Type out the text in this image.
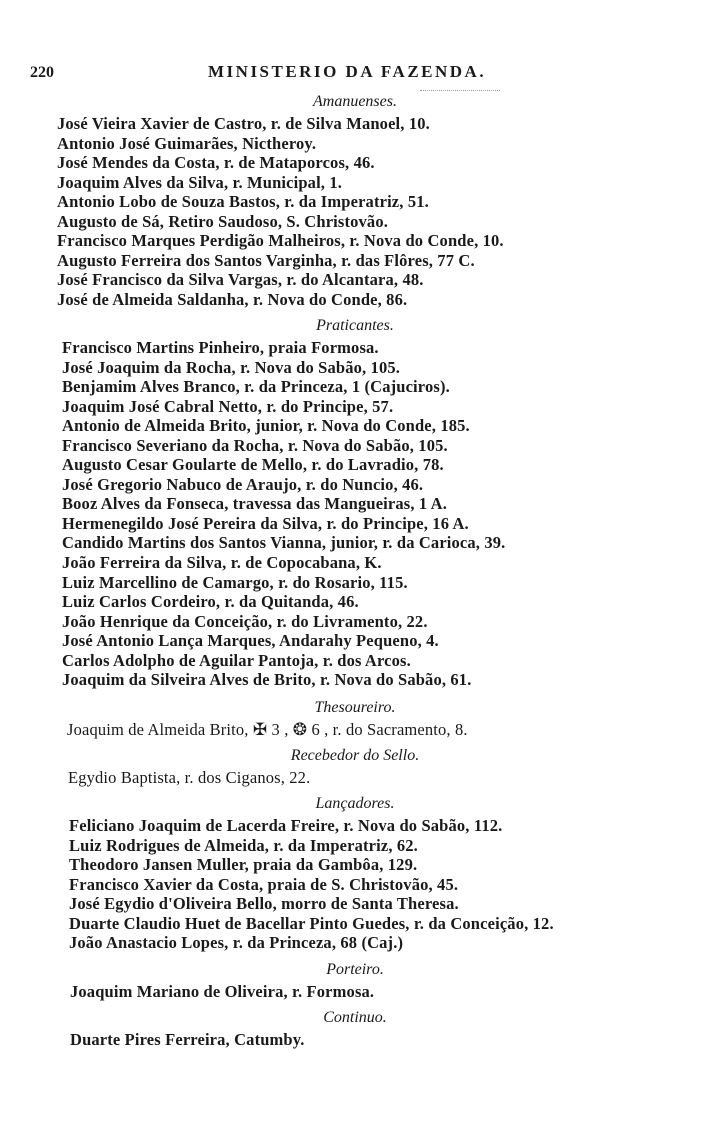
220	MINISTERIO DA FAZENDA.
Amanuenses.
José Vieira Xavier de Castro, r. de Silva Manoel, 10.
Antonio José Guimarães, Nictheroy.
José Mendes da Costa, r. de Mataporcos, 46.
Joaquim Alves da Silva, r. Municipal, 1.
Antonio Lobo de Souza Bastos, r. da Imperatriz, 51.
Augusto de Sá, Retiro Saudoso, S. Christovão.
Francisco Marques Perdigão Malheiros, r. Nova do Conde, 10.
Augusto Ferreira dos Santos Varginha, r. das Flôres, 77 C.
José Francisco da Silva Vargas, r. do Alcantara, 48.
José de Almeida Saldanha, r. Nova do Conde, 86.
Praticantes.
Francisco Martins Pinheiro, praia Formosa.
José Joaquim da Rocha, r. Nova do Sabão, 105.
Benjamim Alves Branco, r. da Princeza, 1 (Cajuciros).
Joaquim José Cabral Netto, r. do Principe, 57.
Antonio de Almeida Brito, junior, r. Nova do Conde, 185.
Francisco Severiano da Rocha, r. Nova do Sabão, 105.
Augusto Cesar Goularte de Mello, r. do Lavradio, 78.
José Gregorio Nabuco de Araujo, r. do Nuncio, 46.
Booz Alves da Fonseca, travessa das Mangueiras, 1 A.
Hermenegildo José Pereira da Silva, r. do Principe, 16 A.
Candido Martins dos Santos Vianna, junior, r. da Carioca, 39.
João Ferreira da Silva, r. de Copocabana, K.
Luiz Marcellino de Camargo, r. do Rosario, 115.
Luiz Carlos Cordeiro, r. da Quitanda, 46.
João Henrique da Conceição, r. do Livramento, 22.
José Antonio Lança Marques, Andarahy Pequeno, 4.
Carlos Adolpho de Aguilar Pantoja, r. dos Arcos.
Joaquim da Silveira Alves de Brito, r. Nova do Sabão, 61.
Thesoureiro.
Joaquim de Almeida Brito, ✠ 3 , ❂ 6 , r. do Sacramento, 8.
Recebedor do Sello.
Egydio Baptista, r. dos Ciganos, 22.
Lançadores.
Feliciano Joaquim de Lacerda Freire, r. Nova do Sabão, 112.
Luiz Rodrigues de Almeida, r. da Imperatriz, 62.
Theodoro Jansen Muller, praia da Gambôa, 129.
Francisco Xavier da Costa, praia de S. Christovão, 45.
José Egydio d'Oliveira Bello, morro de Santa Theresa.
Duarte Claudio Huet de Bacellar Pinto Guedes, r. da Conceição, 12.
João Anastacio Lopes, r. da Princeza, 68 (Caj.)
Porteiro.
Joaquim Mariano de Oliveira, r. Formosa.
Continuo.
Duarte Pires Ferreira, Catumby.
